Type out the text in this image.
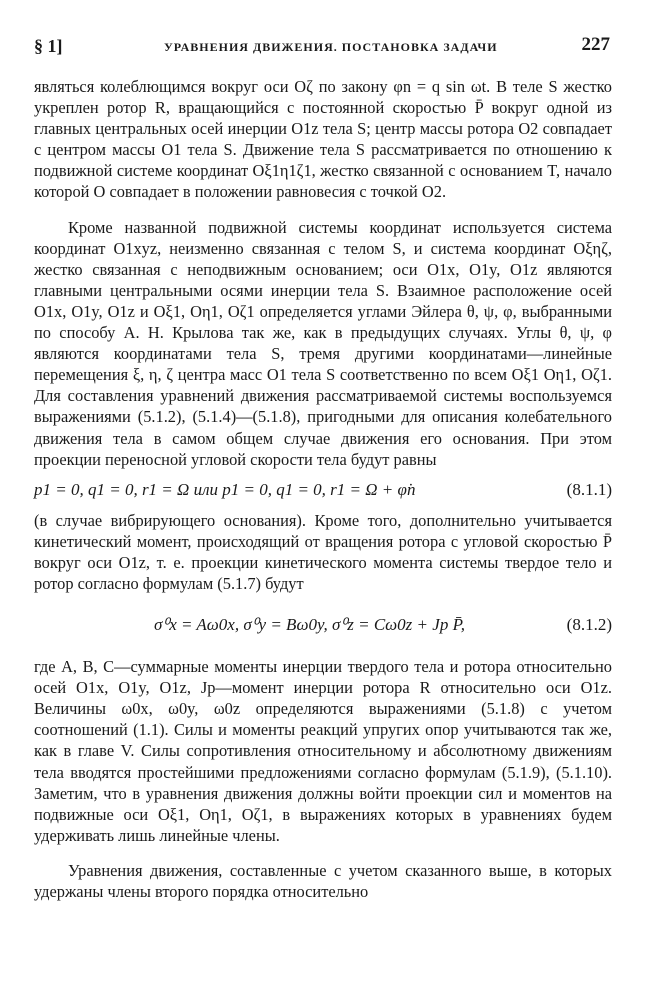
§ 1]	УРАВНЕНИЯ ДВИЖЕНИЯ. ПОСТАНОВКА ЗАДАЧИ	227

являться колеблющимся вокруг оси Oζ по закону φn = q sin ωt. В теле S жестко укреплен ротор R, вращающийся с постоянной скоростью P̄ вокруг одной из главных центральных осей инерции O1z тела S; центр массы ротора O2 совпадает с центром массы O1 тела S. Движение тела S рассматривается по отношению к подвижной системе координат Oξ1η1ζ1, жестко связанной с основанием T, начало которой O совпадает в положении равновесия с точкой O2.

Кроме названной подвижной системы координат используется система координат O1xyz, неизменно связанная с телом S, и система координат Oξηζ, жестко связанная с неподвижным основанием; оси O1x, O1y, O1z являются главными центральными осями инерции тела S. Взаимное расположение осей O1x, O1y, O1z и Oξ1, Oη1, Oζ1 определяется углами Эйлера θ, ψ, φ, выбранными по способу А. Н. Крылова так же, как в предыдущих случаях. Углы θ, ψ, φ являются координатами тела S, тремя другими координатами—линейные перемещения ξ, η, ζ центра масс O1 тела S соответственно по всем Oξ1 Oη1, Oζ1. Для составления уравнений движения рассматриваемой системы воспользуемся выражениями (5.1.2), (5.1.4)—(5.1.8), пригодными для описания колебательного движения тела в самом общем случае движения его основания. При этом проекции переносной угловой скорости тела будут равны

p1 = 0, q1 = 0, r1 = Ω или p1 = 0, q1 = 0, r1 = Ω + φ̇n	(8.1.1)

(в случае вибрирующего основания). Кроме того, дополнительно учитывается кинетический момент, происходящий от вращения ротора с угловой скоростью P̄ вокруг оси O1z, т. е. проекции кинетического момента системы твердое тело и ротор согласно формулам (5.1.7) будут

σ⁰x = Aω0x, σ⁰y = Bω0y, σ⁰z = Cω0z + Jp P̄,	(8.1.2)

где A, B, C—суммарные моменты инерции твердого тела и ротора относительно осей O1x, O1y, O1z, Jp—момент инерции ротора R относительно оси O1z. Величины ω0x, ω0y, ω0z определяются выражениями (5.1.8) с учетом соотношений (1.1). Силы и моменты реакций упругих опор учитываются так же, как в главе V. Силы сопротивления относительному и абсолютному движениям тела вводятся простейшими предложениями согласно формулам (5.1.9), (5.1.10). Заметим, что в уравнения движения должны войти проекции сил и моментов на подвижные оси Oξ1, Oη1, Oζ1, в выражениях которых в уравнениях будем удерживать лишь линейные члены.

Уравнения движения, составленные с учетом сказанного выше, в которых удержаны члены второго порядка относительно
